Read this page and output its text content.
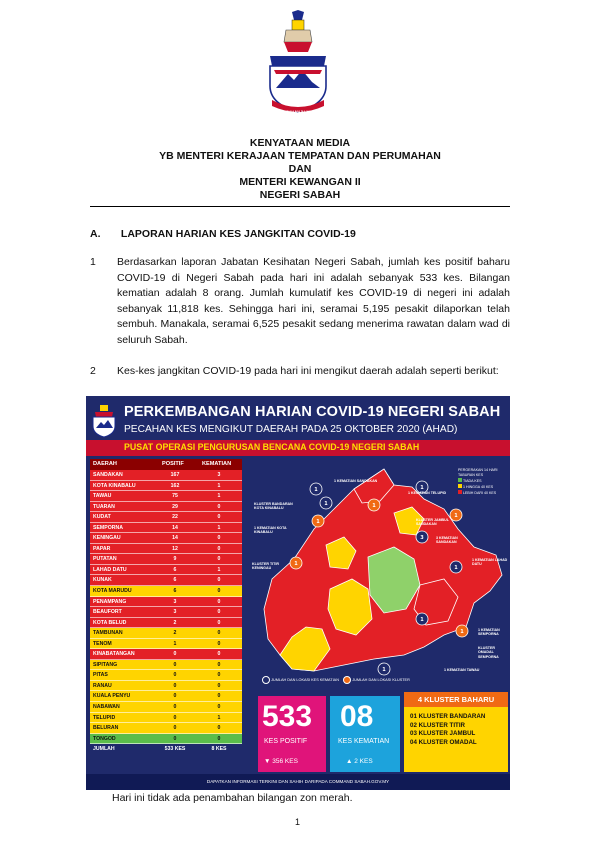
SABAH MAJU JAYA
KENYATAAN MEDIA
YB MENTERI KERAJAAN TEMPATAN DAN PERUMAHAN
DAN
MENTERI KEWANGAN II
NEGERI SABAH
A. LAPORAN HARIAN KES JANGKITAN COVID-19
1 Berdasarkan laporan Jabatan Kesihatan Negeri Sabah, jumlah kes positif baharu COVID-19 di Negeri Sabah pada hari ini adalah sebanyak 533 kes. Bilangan kematian adalah 8 orang. Jumlah kumulatif kes COVID-19 di negeri ini adalah sebanyak 11,818 kes. Sehingga hari ini, seramai 5,195 pesakit dilaporkan telah sembuh. Manakala, seramai 6,525 pesakit sedang menerima rawatan dalam wad di seluruh Sabah.
2 Kes-kes jangkitan COVID-19 pada hari ini mengikut daerah adalah seperti berikut:
PERKEMBANGAN HARIAN COVID-19 NEGERI SABAH
PECAHAN KES MENGIKUT DAERAH PADA 25 OKTOBER 2020 (AHAD)
PUSAT OPERASI PENGURUSAN BENCANA COVID-19 NEGERI SABAH
DAERAH	POSITIF	KEMATIAN
SANDAKAN	167	3
KOTA KINABALU	162	1
TAWAU	75	1
TUARAN	29	0
KUDAT	22	0
SEMPORNA	14	1
KENINGAU	14	0
PAPAR	12	0
PUTATAN	9	0
LAHAD DATU	6	1
KUNAK	6	0
KOTA MARUDU	6	0
PENAMPANG	3	0
BEAUFORT	3	0
KOTA BELUD	2	0
TAMBUNAN	2	0
TENOM	1	0
KINABATANGAN	0	0
SIPITANG	0	0
PITAS	0	0
RANAU	0	0
KUALA PENYU	0	0
NABAWAN	0	0
TELUPID	0	1
BELURAN	0	0
TONGOD	0	0
JUMLAH	533 KES	8 KES
1
1
1
3
1
1
1
1
1
1
1
1
1 KEMATIAN SANDAKAN
1 KEMATIAN TELUPID
KLUSTER JAMBUL SANDAKAN
KLUSTER BANDARAN KOTA KINABALU
1 KEMATIAN KOTA KINABALU
3 KEMATIAN SANDAKAN
KLUSTER TITIR KENINGAU
1 KEMATIAN LAHAD DATU
1 KEMATIAN SEMPORNA
KLUSTER OMADAL SEMPORNA
1 KEMATIAN TAWAU
PERGERAKAN 14 HARI TABURAN KES
TIADA KES
1 HINGGA 40 KES
LEBIH DARI 40 KES
JUMLAH DAN LOKASI KES KEMATIAN	JUMLAH DAN LOKASI KLUSTER
533
KES POSITIF
▼ 356 KES
08
KES KEMATIAN
▲ 2 KES
4 KLUSTER BAHARU
01 KLUSTER BANDARAN
02 KLUSTER TITIR
03 KLUSTER JAMBUL
04 KLUSTER OMADAL
DAPATKAN INFORMASI TERKINI DAN SAHIH DARIPADA COMMAND SABAH.GOV.MY
Hari ini tidak ada penambahan bilangan zon merah.
1
